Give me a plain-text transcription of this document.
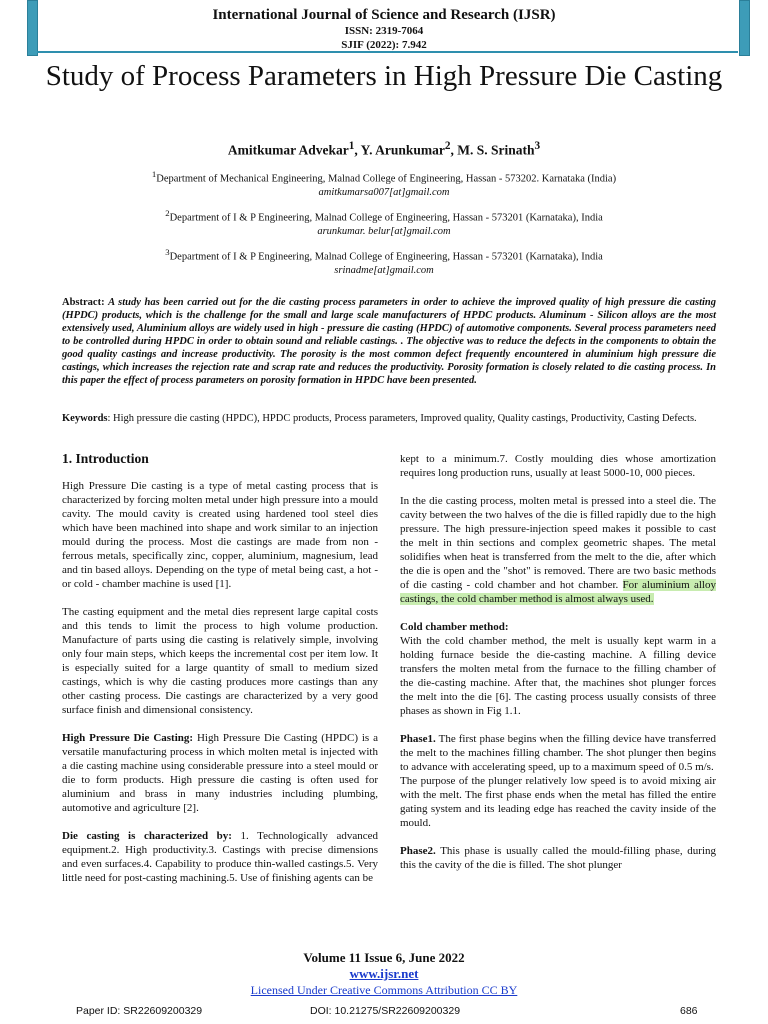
International Journal of Science and Research (IJSR)
ISSN: 2319-7064
SJIF (2022): 7.942
Study of Process Parameters in High Pressure Die Casting
Amitkumar Advekar$^1$, Y. Arunkumar$^2$, M. S. Srinath$^3$
$^1$Department of Mechanical Engineering, Malnad College of Engineering, Hassan - 573202. Karnataka (India)
amitkumarsa007[at]gmail.com
$^2$Department of I & P Engineering, Malnad College of Engineering, Hassan - 573201 (Karnataka), India
arunkumar. belur[at]gmail.com
$^3$Department of I & P Engineering, Malnad College of Engineering, Hassan - 573201 (Karnataka), India
srinadme[at]gmail.com
Abstract: A study has been carried out for the die casting process parameters in order to achieve the improved quality of high pressure die casting (HPDC) products, which is the challenge for the small and large scale manufacturers of HPDC products. Aluminum - Silicon alloys are the most extensively used, Aluminium alloys are widely used in high - pressure die casting (HPDC) of automotive components. Several process parameters need to be controlled during HPDC in order to obtain sound and reliable castings. . The objective was to reduce the defects in the components to obtain the good quality castings and increase productivity. The porosity is the most common defect frequently encountered in aluminium high pressure die castings, which increases the rejection rate and scrap rate and reduces the productivity. Porosity formation is closely related to die casting process. In this paper the effect of process parameters on porosity formation in HPDC have been presented.
Keywords: High pressure die casting (HPDC), HPDC products, Process parameters, Improved quality, Quality castings, Productivity, Casting Defects.
1. Introduction

High Pressure Die casting is a type of metal casting process that is characterized by forcing molten metal under high pressure into a mould cavity. The mould cavity is created using hardened tool steel dies which have been machined into shape and work similar to an injection mould during the process. Most die castings are made from non - ferrous metals, specifically zinc, copper, aluminium, magnesium, lead and tin based alloys. Depending on the type of metal being cast, a hot - or cold - chamber machine is used [1].

The casting equipment and the metal dies represent large capital costs and this tends to limit the process to high volume production. Manufacture of parts using die casting is relatively simple, involving only four main steps, which keeps the incremental cost per item low. It is especially suited for a large quantity of small to medium sized castings, which is why die casting produces more castings than any other casting process. Die castings are characterized by a very good surface finish and dimensional consistency.

High Pressure Die Casting: High Pressure Die Casting (HPDC) is a versatile manufacturing process in which molten metal is injected with a die casting machine using considerable pressure into a steel mould or die to form products. High pressure die casting is often used for aluminium and brass in many industries including plumbing, automotive and agriculture [2].

Die casting is characterized by: 1. Technologically advanced equipment.2. High productivity.3. Castings with precise dimensions and even surfaces.4. Capability to produce thin-walled castings.5. Very little need for post-casting machining.5. Use of finishing agents can be

kept to a minimum.7. Costly moulding dies whose amortization requires long production runs, usually at least 5000-10, 000 pieces.

In the die casting process, molten metal is pressed into a steel die. The cavity between the two halves of the die is filled rapidly due to the high pressure. The high pressure-injection speed makes it possible to cast the melt in thin sections and complex geometric shapes. The metal solidifies when heat is transferred from the melt to the die, after which the die is open and the "shot" is removed. There are two basic methods of die casting - cold chamber and hot chamber. For aluminium alloy castings, the cold chamber method is almost always used.

Cold chamber method:
With the cold chamber method, the melt is usually kept warm in a holding furnace beside the die-casting machine. A filling device transfers the molten metal from the furnace to the filling chamber of the die-casting machine. After that, the machines shot plunger forces the melt into the die [6]. The casting process usually consists of three phases as shown in Fig 1.1.

Phase1. The first phase begins when the filling device have transferred the melt to the machines filling chamber. The shot plunger then begins to advance with accelerating speed, up to a maximum speed of 0.5 m/s.
The purpose of the plunger relatively low speed is to avoid mixing air with the melt. The first phase ends when the metal has filled the entire gating system and its leading edge has reached the cavity inside of the mould.

Phase2. This phase is usually called the mould-filling phase, during this the cavity of the die is filled. The shot plunger

Volume 11 Issue 6, June 2022
www.ijsr.net
Licensed Under Creative Commons Attribution CC BY
Paper ID: SR22609200329	DOI: 10.21275/SR22609200329	686
